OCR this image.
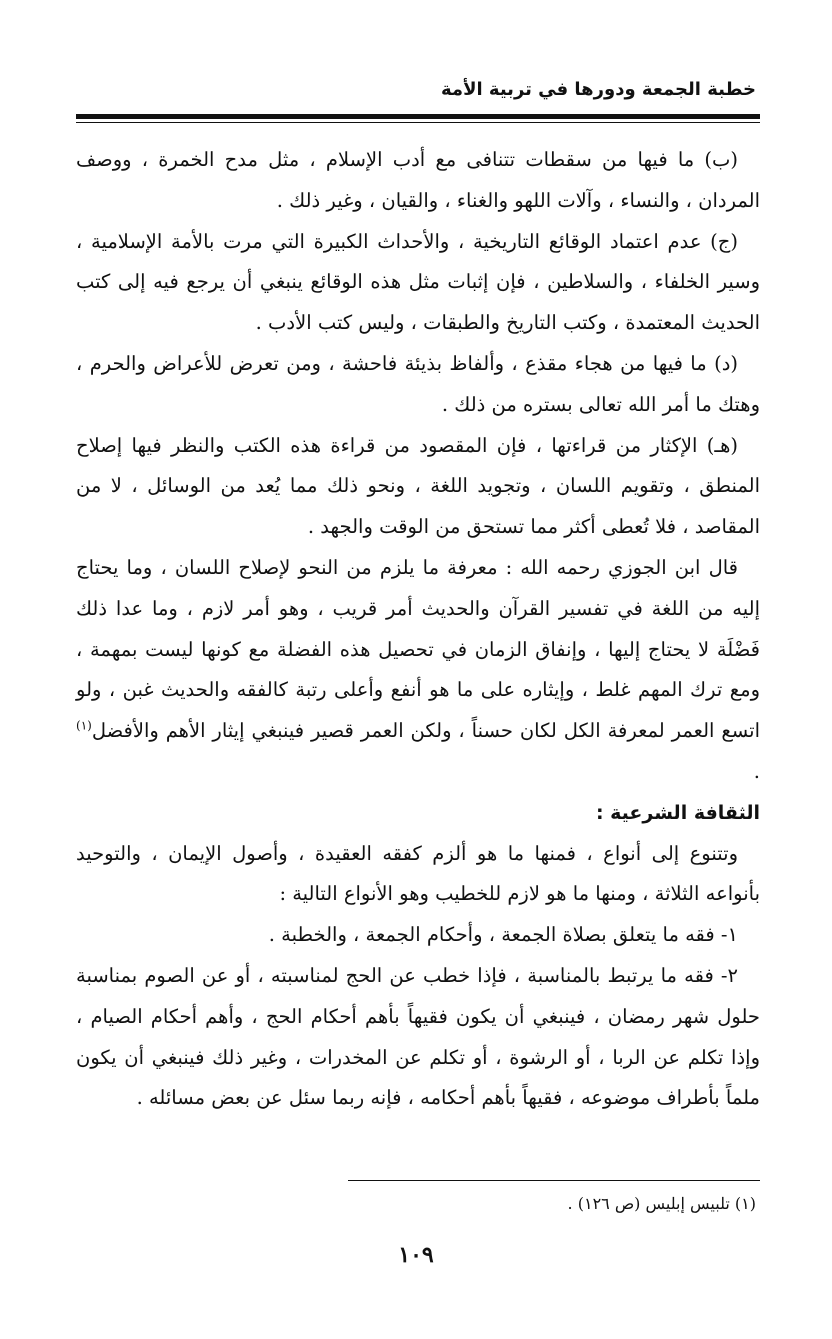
خطبة الجمعة ودورها في تربية الأمة

(ب) ما فيها من سقطات تتنافى مع أدب الإسلام ، مثل مدح الخمرة ، ووصف المردان ، والنساء ، وآلات اللهو والغناء ، والقيان ، وغير ذلك .

(ج) عدم اعتماد الوقائع التاريخية ، والأحداث الكبيرة التي مرت بالأمة الإسلامية ، وسير الخلفاء ، والسلاطين ، فإن إثبات مثل هذه الوقائع ينبغي أن يرجع فيه إلى كتب الحديث المعتمدة ، وكتب التاريخ والطبقات ، وليس كتب الأدب .

(د) ما فيها من هجاء مقذع ، وألفاظ بذيئة فاحشة ، ومن تعرض للأعراض والحرم ، وهتك ما أمر الله تعالى بستره من ذلك .

(هـ) الإكثار من قراءتها ، فإن المقصود من قراءة هذه الكتب والنظر فيها إصلاح المنطق ، وتقويم اللسان ، وتجويد اللغة ، ونحو ذلك مما يُعد من الوسائل ، لا من المقاصد ، فلا تُعطى أكثر مما تستحق من الوقت والجهد .

قال ابن الجوزي رحمه الله : معرفة ما يلزم من النحو لإصلاح اللسان ، وما يحتاج إليه من اللغة في تفسير القرآن والحديث أمر قريب ، وهو أمر لازم ، وما عدا ذلك فَضْلَة لا يحتاج إليها ، وإنفاق الزمان في تحصيل هذه الفضلة مع كونها ليست بمهمة ، ومع ترك المهم غلط ، وإيثاره على ما هو أنفع وأعلى رتبة كالفقه والحديث غبن ، ولو اتسع العمر لمعرفة الكل لكان حسناً ، ولكن العمر قصير فينبغي إيثار الأهم والأفضل$^{(١)}$ .

الثقافة الشرعية :

وتتنوع إلى أنواع ، فمنها ما هو ألزم كفقه العقيدة ، وأصول الإيمان ، والتوحيد بأنواعه الثلاثة ، ومنها ما هو لازم للخطيب وهو الأنواع التالية :

١- فقه ما يتعلق بصلاة الجمعة ، وأحكام الجمعة ، والخطبة .

٢- فقه ما يرتبط بالمناسبة ، فإذا خطب عن الحج لمناسبته ، أو عن الصوم بمناسبة حلول شهر رمضان ، فينبغي أن يكون فقيهاً بأهم أحكام الحج ، وأهم أحكام الصيام ، وإذا تكلم عن الربا ، أو الرشوة ، أو تكلم عن المخدرات ، وغير ذلك فينبغي أن يكون ملماً بأطراف موضوعه ، فقيهاً بأهم أحكامه ، فإنه ربما سئل عن بعض مسائله .

(١) تلبيس إبليس (ص ١٢٦) .
١٠٩
